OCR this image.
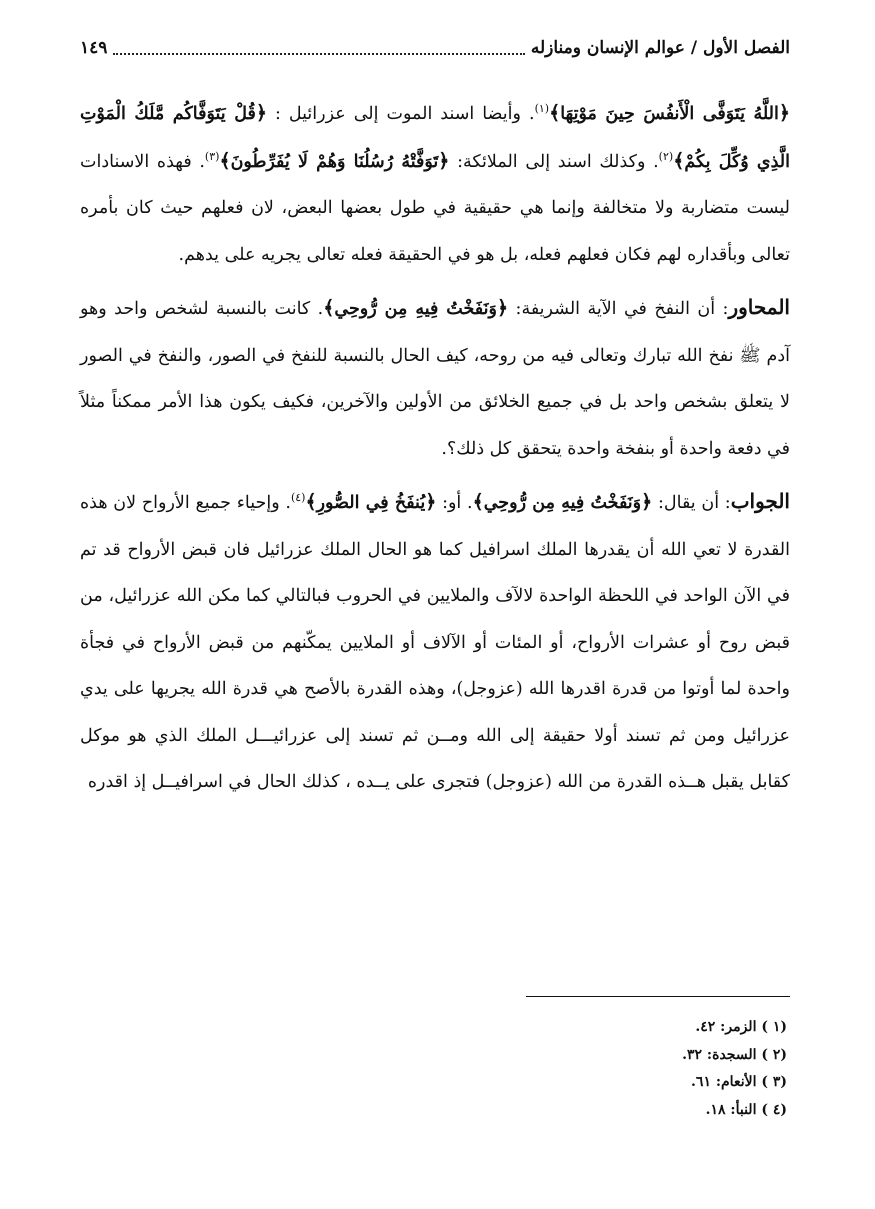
الفصل الأول / عوالم الإنسان ومنازله
١٤٩

﴿اللَّهُ يَتَوَفَّى الْأَنفُسَ حِينَ مَوْتِهَا﴾$^{(١)}$. وأيضا اسند الموت إلى عزرائيل : ﴿قُلْ يَتَوَفَّاكُم مَّلَكُ الْمَوْتِ الَّذِي وُكِّلَ بِكُمْ﴾$^{(٢)}$. وكذلك اسند إلى الملائكة: ﴿تَوَفَّتْهُ رُسُلُنَا وَهُمْ لَا يُفَرِّطُونَ﴾$^{(٣)}$. فهذه الاسنادات ليست متضاربة ولا متخالفة وإنما هي حقيقية في طول بعضها البعض، لان فعلهم حيث كان بأمره تعالى وبأقداره لهم فكان فعلهم فعله، بل هو في الحقيقة فعله تعالى يجريه على يدهم.

المحاور: أن النفخ في الآية الشريفة: ﴿وَنَفَخْتُ فِيهِ مِن رُّوحِي﴾. كانت بالنسبة لشخص واحد وهو آدم ﷺ نفخ الله تبارك وتعالى فيه من روحه، كيف الحال بالنسبة للنفخ في الصور، والنفخ في الصور لا يتعلق بشخص واحد بل في جميع الخلائق من الأولين والآخرين، فكيف يكون هذا الأمر ممكناً مثلاً في دفعة واحدة أو بنفخة واحدة يتحقق كل ذلك؟.

الجواب: أن يقال: ﴿وَنَفَخْتُ فِيهِ مِن رُّوحِي﴾. أو: ﴿يُنفَخُ فِي الصُّورِ﴾$^{(٤)}$. وإحياء جميع الأرواح لان هذه القدرة لا تعي الله أن يقدرها الملك اسرافيل كما هو الحال الملك عزرائيل فان قبض الأرواح قد تم في الآن الواحد في اللحظة الواحدة لالآف والملايين في الحروب فبالتالي كما مكن الله عزرائيل، من قبض روح أو عشرات الأرواح، أو المئات أو الآلاف أو الملايين يمكّنهم من قبض الأرواح في فجأة واحدة لما أوتوا من قدرة اقدرها الله (عزوجل)، وهذه القدرة بالأصح هي قدرة الله يجريها على يدي عزرائيل ومن ثم تسند أولا حقيقة إلى الله ومــن ثم تسند إلى عزرائيـــل الملك الذي هو موكل كقابل يقبل هــذه القدرة من الله (عزوجل) فتجرى على يــده ، كذلك الحال في اسرافيــل إذ اقدره

(١ ) الزمر: ٤٢.
(٢ ) السجدة: ٣٢.
(٣ ) الأنعام: ٦١.
(٤ ) النبأ: ١٨.
